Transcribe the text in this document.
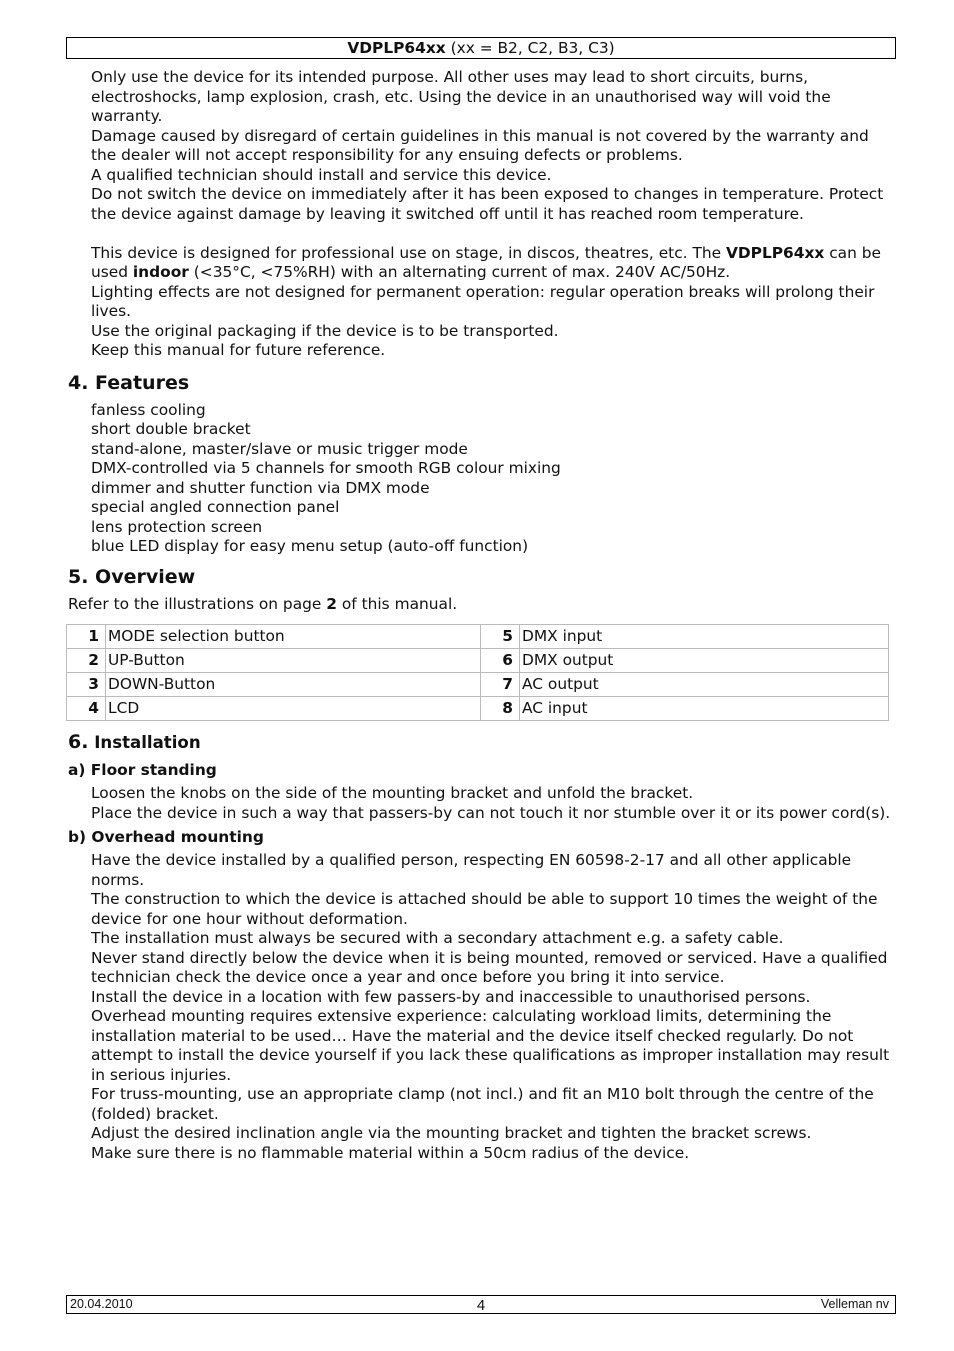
VDPLP64xx (xx = B2, C2, B3, C3)

Only use the device for its intended purpose. All other uses may lead to short circuits, burns, electroshocks, lamp explosion, crash, etc. Using the device in an unauthorised way will void the warranty.

Damage caused by disregard of certain guidelines in this manual is not covered by the warranty and the dealer will not accept responsibility for any ensuing defects or problems.

A qualified technician should install and service this device.

Do not switch the device on immediately after it has been exposed to changes in temperature. Protect the device against damage by leaving it switched off until it has reached room temperature.

This device is designed for professional use on stage, in discos, theatres, etc. The VDPLP64xx can be used indoor (<35°C, <75%RH) with an alternating current of max. 240V AC/50Hz.

Lighting effects are not designed for permanent operation: regular operation breaks will prolong their lives.

Use the original packaging if the device is to be transported.

Keep this manual for future reference.

4. Features

fanless cooling

short double bracket

stand-alone, master/slave or music trigger mode

DMX-controlled via 5 channels for smooth RGB colour mixing

dimmer and shutter function via DMX mode

special angled connection panel

lens protection screen

blue LED display for easy menu setup (auto-off function)

5. Overview

Refer to the illustrations on page 2 of this manual.

1	MODE selection button	5	DMX input
2	UP-Button	6	DMX output
3	DOWN-Button	7	AC output
4	LCD	8	AC input
6. Installation
a) Floor standing

Loosen the knobs on the side of the mounting bracket and unfold the bracket.

Place the device in such a way that passers-by can not touch it nor stumble over it or its power cord(s).

b) Overhead mounting

Have the device installed by a qualified person, respecting EN 60598-2-17 and all other applicable norms.

The construction to which the device is attached should be able to support 10 times the weight of the device for one hour without deformation.

The installation must always be secured with a secondary attachment e.g. a safety cable.

Never stand directly below the device when it is being mounted, removed or serviced. Have a qualified technician check the device once a year and once before you bring it into service.

Install the device in a location with few passers-by and inaccessible to unauthorised persons.

Overhead mounting requires extensive experience: calculating workload limits, determining the installation material to be used… Have the material and the device itself checked regularly. Do not attempt to install the device yourself if you lack these qualifications as improper installation may result in serious injuries.

For truss-mounting, use an appropriate clamp (not incl.) and fit an M10 bolt through the centre of the (folded) bracket.

Adjust the desired inclination angle via the mounting bracket and tighten the bracket screws.

Make sure there is no flammable material within a 50cm radius of the device.

20.04.2010	4	Velleman nv
